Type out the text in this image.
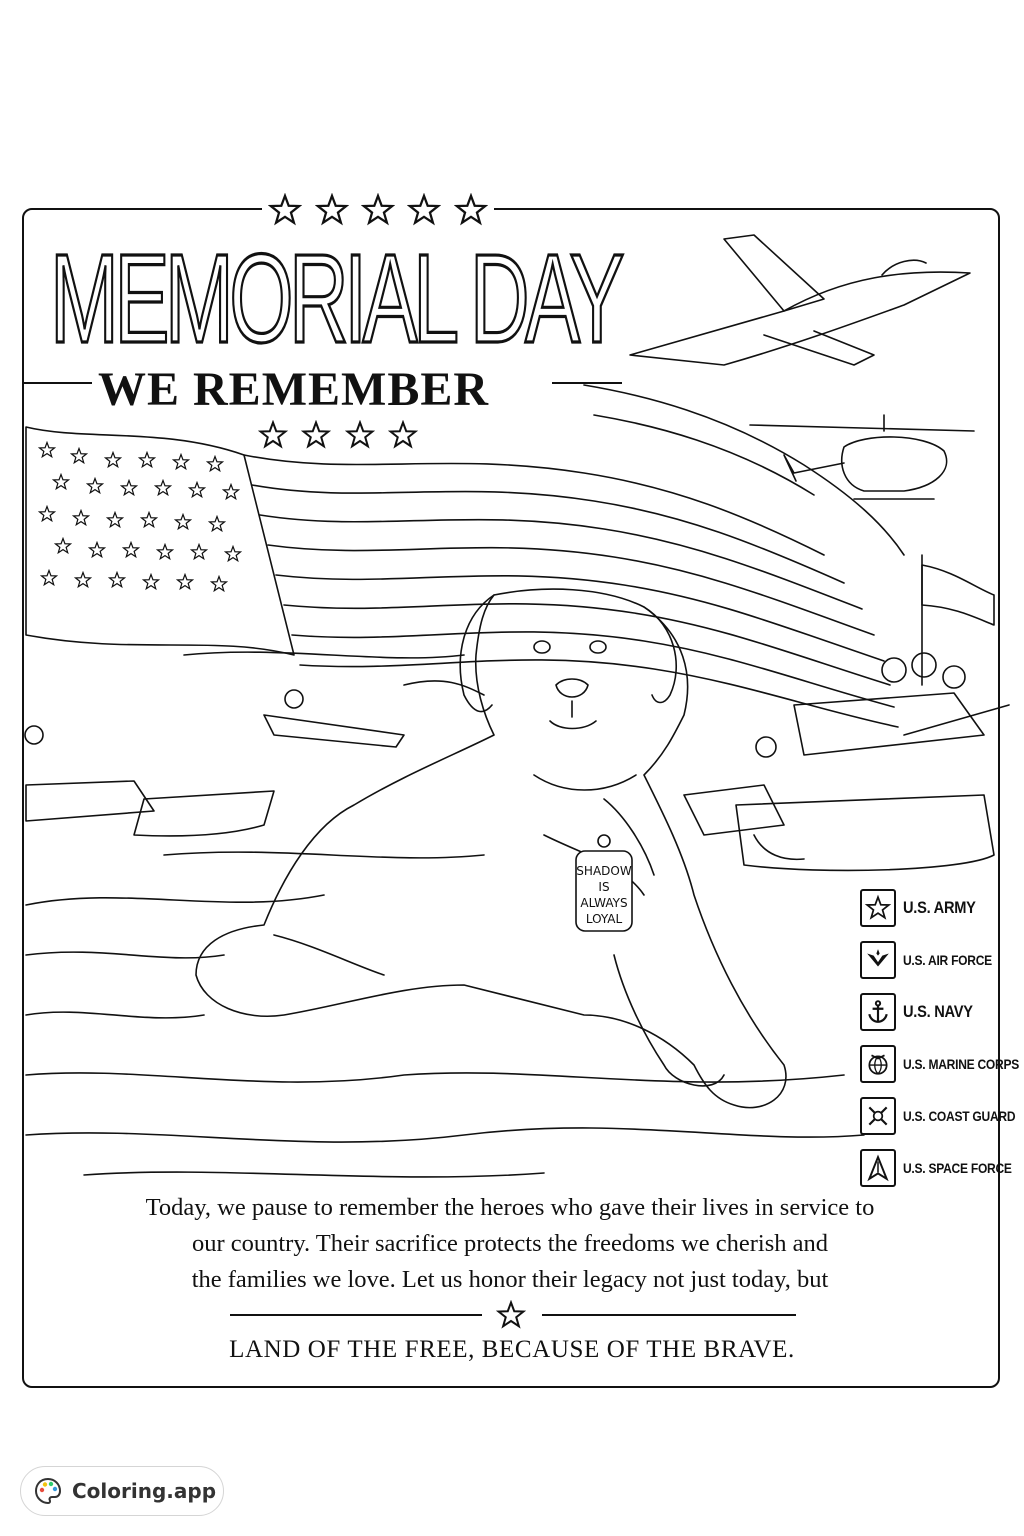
MEMORIAL DAY
WE REMEMBER
SHADOW
IS
ALWAYS
LOYAL
U.S. ARMY
U.S. AIR FORCE
U.S. NAVY
U.S. MARINE CORPS
U.S. COAST GUARD
U.S. SPACE FORCE
Today, we pause to remember the heroes who gave their lives in service to
our country. Their sacrifice protects the freedoms we cherish and
the families we love. Let us honor their legacy not just today, but
LAND OF THE FREE, BECAUSE OF THE BRAVE.
Coloring.app
